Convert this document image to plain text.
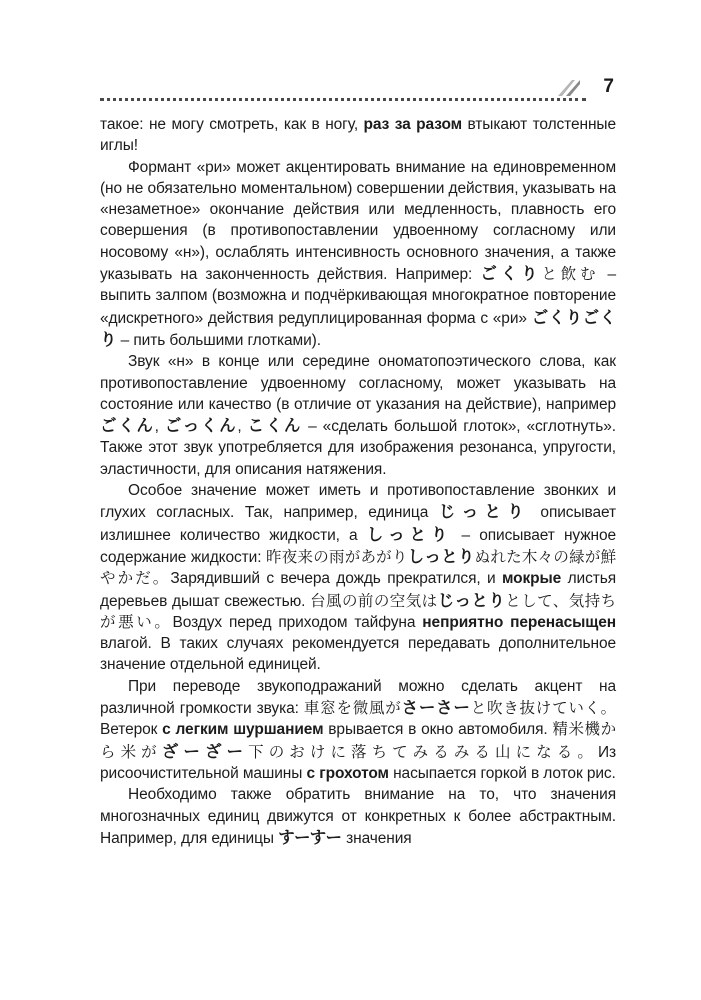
7

такое: не могу смотреть, как в ногу, раз за разом втыкают толстенные иглы!

Формант «ри» может акцентировать внимание на единовременном (но не обязательно моментальном) совершении действия, указывать на «незаметное» окончание действия или медленность, плавность его совершения (в противопоставлении удвоенному согласному или носовому «н»), ослаблять интенсивность основного значения, а также указывать на законченность действия. Например: ごくりと飲む – выпить залпом (возможна и подчёркивающая многократное повторение «дискретного» действия редуплицированная форма с «ри» ごくりごくり – пить большими глотками).

Звук «н» в конце или середине ономатопоэтического слова, как противопоставление удвоенному согласному, может указывать на состояние или качество (в отличие от указания на действие), например ごくん, ごっくん, こくん – «сделать большой глоток», «сглотнуть». Также этот звук употребляется для изображения резонанса, упругости, эластичности, для описания натяжения.

Особое значение может иметь и противопоставление звонких и глухих согласных. Так, например, единица じっとり описывает излишнее количество жидкости, а しっとり – описывает нужное содержание жидкости: 昨夜来の雨があがりしっとりぬれた木々の緑が鮮やかだ。Зарядивший с вечера дождь прекратился, и мокрые листья деревьев дышат свежестью. 台風の前の空気はじっとりとして、気持ちが悪い。Воздух перед приходом тайфуна неприятно перенасыщен влагой. В таких случаях рекомендуется передавать дополнительное значение отдельной единицей.

При переводе звукоподражаний можно сделать акцент на различной громкости звука: 車窓を微風がさーさーと吹き抜けていく。Ветерок с легким шуршанием врывается в окно автомобиля. 精米機から米がざーざー下のおけに落ちてみるみる山になる。Из рисоочистительной машины с грохотом насыпается горкой в лоток рис.

Необходимо также обратить внимание на то, что значения многозначных единиц движутся от конкретных к более абстрактным. Например, для единицы すーすー значения
